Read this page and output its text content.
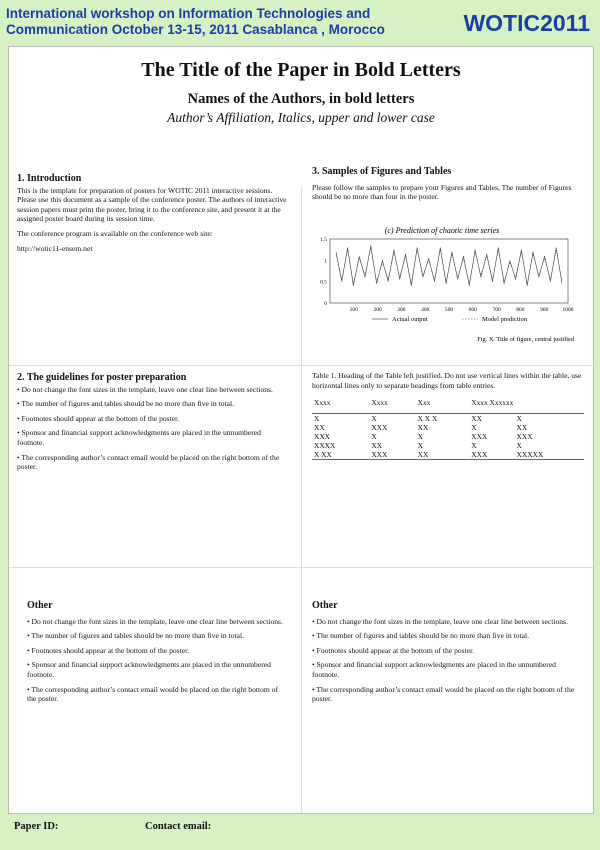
International workshop on Information Technologies and
Communication October 13-15, 2011 Casablanca , Morocco	WOTIC2011
The Title of the Paper in Bold Letters
Names of the Authors, in bold letters
Author’s Affiliation, Italics, upper and lower case
1. Introduction

This is the template for preparation of posters for WOTIC 2011 interactive sessions. Please use this document as a sample of the conference poster. The authors of interactive session papers must print the poster, bring it to the conference site, and present it at the assigned poster board during its session time.

The conference program is available on the conference web site:

http://wotic11-ensem.net

2. The guidelines for poster preparation

• Do not change the font sizes in the template, leave one clear line between sections.

• The number of figures and tables should be no more than five in total.

• Footnotes should appear at the bottom of the poster.

• Sponsor and financial support acknowledgments are placed in the unnumbered footnote.

• The corresponding author’s contact email would be placed on the right bottom of the poster.

3. Samples of Figures and Tables

Please follow the samples to prepare your Figures and Tables, The number of Figures should be no more than four in the poster.

(c) Prediction of chaotic time series
0
0.5
1
1.5
100	200	300	400	500	600	700	800	900	1000
Actual output	Model prediction
Fig. X. Title of figure, central justified

Table 1. Heading of the Table left justified. Do not use vertical lines within the table, use horizontal lines only to separate headings from table entries.

Xxxx	Xxxx	Xxx	Xxxx Xxxxxx	

X	X	X X X	XX	X
XX	XXX	XX	X	XX
XXX	X	X	XXX	XXX
XXXX	XX	X	X	X
X XX	XXX	XX	XXX	XXXXX
Other

• Do not change the font sizes in the template, leave one clear line between sections.

• The number of figures and tables should be no more than five in total.

• Footnotes should appear at the bottom of the poster.

• Sponsor and financial support acknowledgments are placed in the unnumbered footnote.

• The corresponding author’s contact email would be placed on the right bottom of the poster.

Other

• Do not change the font sizes in the template, leave one clear line between sections.

• The number of figures and tables should be no more than five in total.

• Footnotes should appear at the bottom of the poster.

• Sponsor and financial support acknowledgments are placed in the unnumbered footnote.

• The corresponding author’s contact email would be placed on the right bottom of the poster.

Paper ID:	Contact email:
